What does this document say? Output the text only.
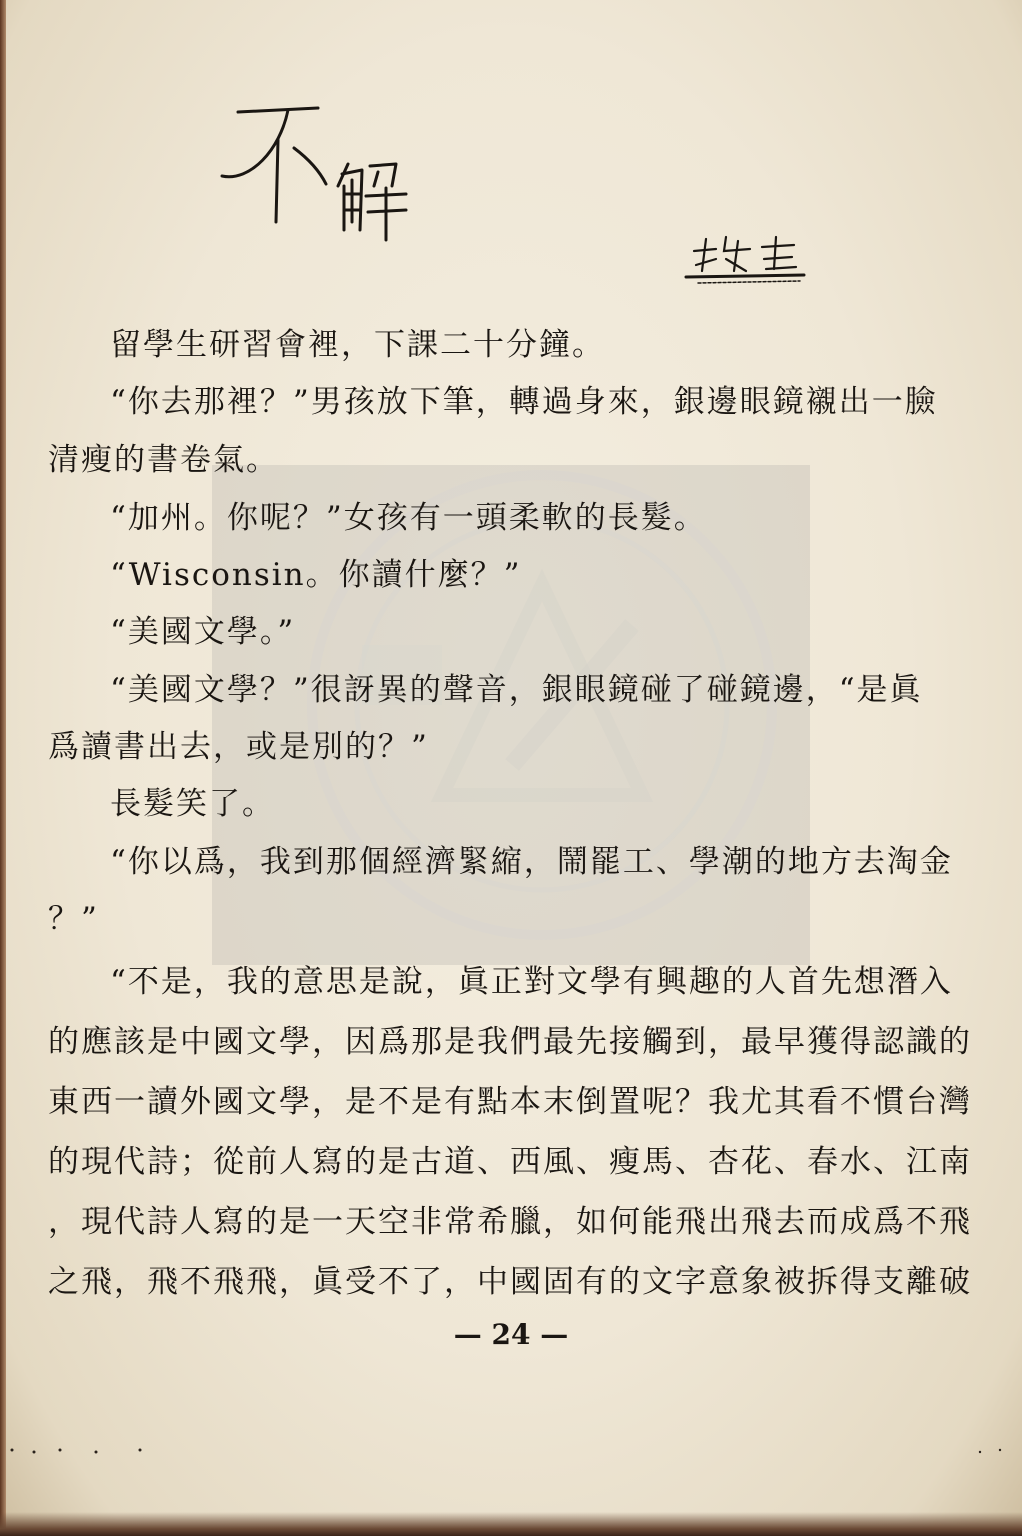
留學生研習會裡，下課二十分鐘。
“你去那裡？”男孩放下筆，轉過身來，銀邊眼鏡襯出一臉
清瘦的書卷氣。
“加州。你呢？”女孩有一頭柔軟的長髮。
“Wisconsin。你讀什麼？”
“美國文學。”
“美國文學？”很訝異的聲音，銀眼鏡碰了碰鏡邊，“是眞
爲讀書出去，或是別的？”
長髮笑了。
“你以爲，我到那個經濟緊縮，鬧罷工、學潮的地方去淘金
？”
“不是，我的意思是說，眞正對文學有興趣的人首先想潛入
的應該是中國文學，因爲那是我們最先接觸到，最早獲得認識的
東西一讀外國文學，是不是有點本末倒置呢？我尤其看不慣台灣
的現代詩；從前人寫的是古道、西風、瘦馬、杏花、春水、江南
，現代詩人寫的是一天空非常希臘，如何能飛出飛去而成爲不飛
之飛，飛不飛飛，眞受不了，中國固有的文字意象被拆得支離破
— 24 —
